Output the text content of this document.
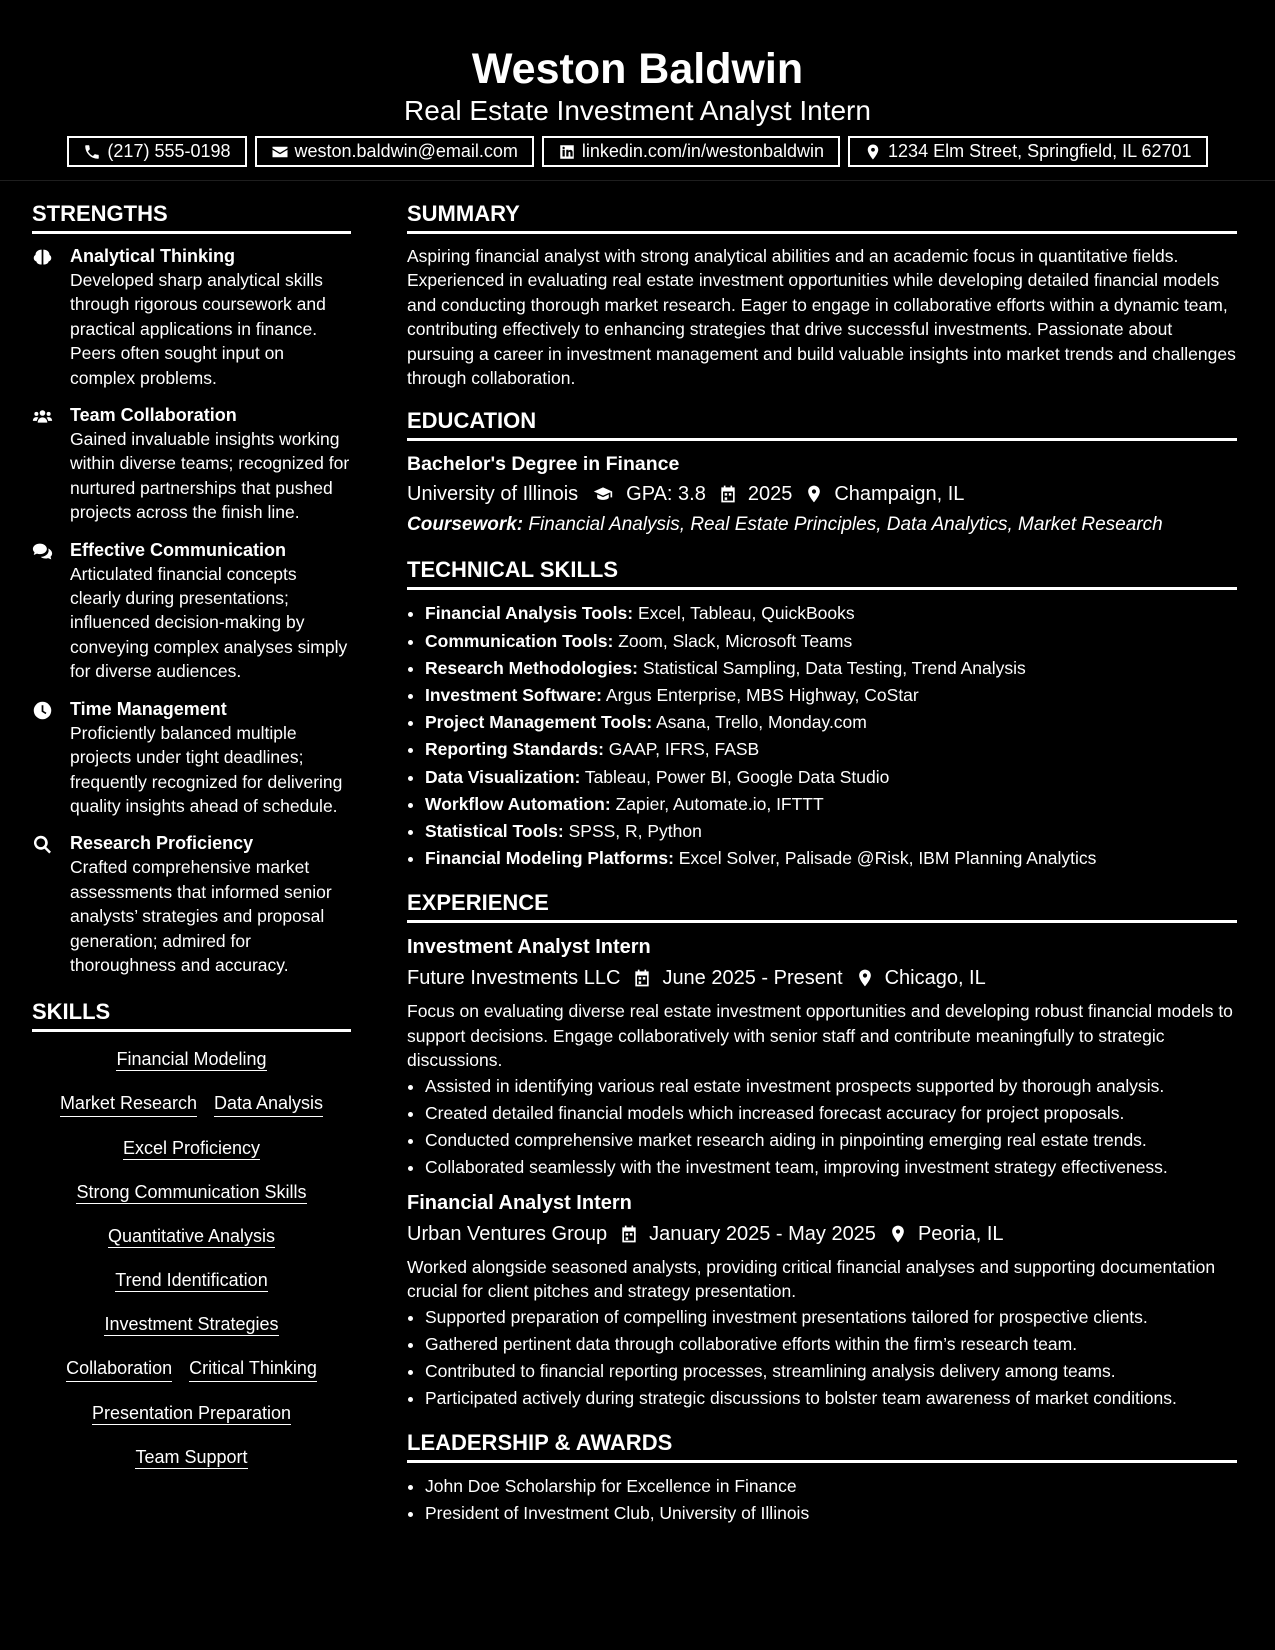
Weston Baldwin
Real Estate Investment Analyst Intern
(217) 555-0198	weston.baldwin@email.com	linkedin.com/in/westonbaldwin	1234 Elm Street, Springfield, IL 62701
STRENGTHS
Analytical Thinking
Developed sharp analytical skills through rigorous coursework and practical applications in finance. Peers often sought input on complex problems.
Team Collaboration
Gained invaluable insights working within diverse teams; recognized for nurtured partnerships that pushed projects across the finish line.
Effective Communication
Articulated financial concepts clearly during presentations; influenced decision-making by conveying complex analyses simply for diverse audiences.
Time Management
Proficiently balanced multiple projects under tight deadlines; frequently recognized for delivering quality insights ahead of schedule.
Research Proficiency
Crafted comprehensive market assessments that informed senior analysts’ strategies and proposal generation; admired for thoroughness and accuracy.
SKILLS
Financial Modeling
Market Research Data Analysis
Excel Proficiency
Strong Communication Skills
Quantitative Analysis
Trend Identification
Investment Strategies
Collaboration Critical Thinking
Presentation Preparation
Team Support
SUMMARY
Aspiring financial analyst with strong analytical abilities and an academic focus in quantitative fields. Experienced in evaluating real estate investment opportunities while developing detailed financial models and conducting thorough market research. Eager to engage in collaborative efforts within a dynamic team, contributing effectively to enhancing strategies that drive successful investments. Passionate about pursuing a career in investment management and build valuable insights into market trends and challenges through collaboration.
EDUCATION
Bachelor's Degree in Finance
University of Illinois GPA: 3.8 2025 Champaign, IL
Coursework: Financial Analysis, Real Estate Principles, Data Analytics, Market Research
TECHNICAL SKILLS
• Financial Analysis Tools: Excel, Tableau, QuickBooks
• Communication Tools: Zoom, Slack, Microsoft Teams
• Research Methodologies: Statistical Sampling, Data Testing, Trend Analysis
• Investment Software: Argus Enterprise, MBS Highway, CoStar
• Project Management Tools: Asana, Trello, Monday.com
• Reporting Standards: GAAP, IFRS, FASB
• Data Visualization: Tableau, Power BI, Google Data Studio
• Workflow Automation: Zapier, Automate.io, IFTTT
• Statistical Tools: SPSS, R, Python
• Financial Modeling Platforms: Excel Solver, Palisade @Risk, IBM Planning Analytics
EXPERIENCE
Investment Analyst Intern
Future Investments LLC June 2025 - Present Chicago, IL
Focus on evaluating diverse real estate investment opportunities and developing robust financial models to support decisions. Engage collaboratively with senior staff and contribute meaningfully to strategic discussions.
• Assisted in identifying various real estate investment prospects supported by thorough analysis.
• Created detailed financial models which increased forecast accuracy for project proposals.
• Conducted comprehensive market research aiding in pinpointing emerging real estate trends.
• Collaborated seamlessly with the investment team, improving investment strategy effectiveness.
Financial Analyst Intern
Urban Ventures Group January 2025 - May 2025 Peoria, IL
Worked alongside seasoned analysts, providing critical financial analyses and supporting documentation crucial for client pitches and strategy presentation.
• Supported preparation of compelling investment presentations tailored for prospective clients.
• Gathered pertinent data through collaborative efforts within the firm’s research team.
• Contributed to financial reporting processes, streamlining analysis delivery among teams.
• Participated actively during strategic discussions to bolster team awareness of market conditions.
LEADERSHIP & AWARDS
• John Doe Scholarship for Excellence in Finance
• President of Investment Club, University of Illinois
